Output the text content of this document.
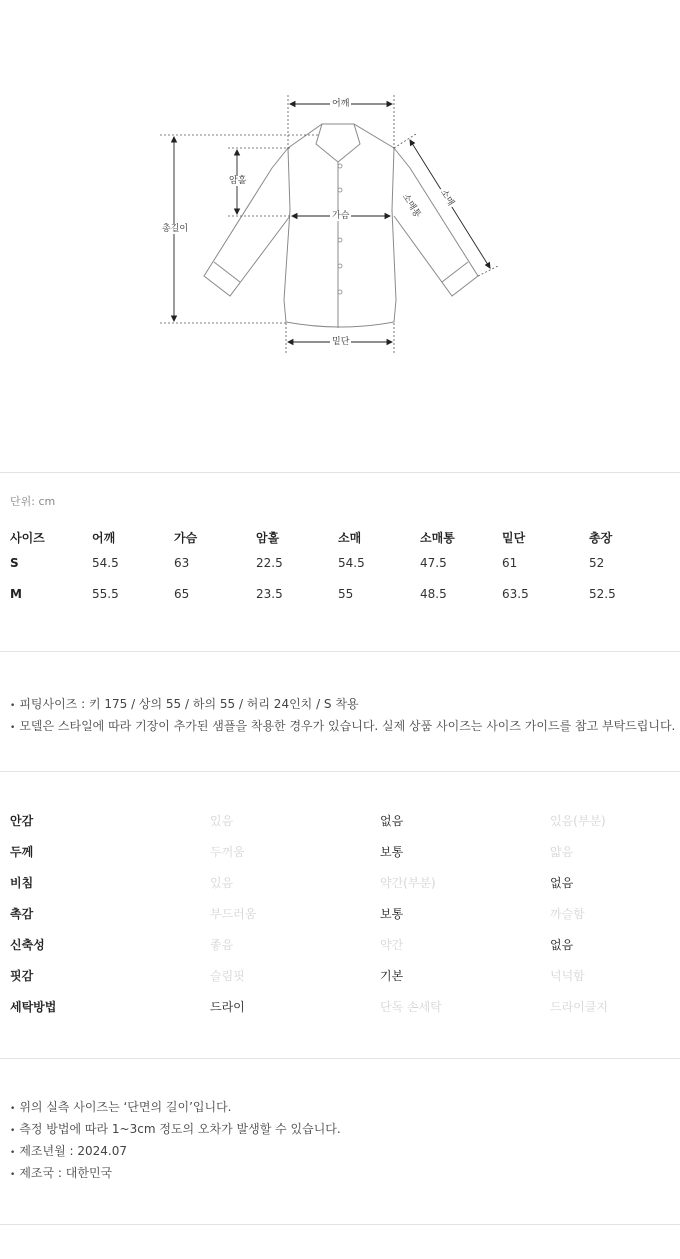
어깨
암홀
가슴
총길이
밑단
소매
소매통
단위: cm
사이즈	어깨	가슴	암홀	소매	소매통	밑단	총장
S	54.5	63	22.5	54.5	47.5	61	52
M	55.5	65	23.5	55	48.5	63.5	52.5
• 피팅사이즈 : 키 175 / 상의 55 / 하의 55 / 허리 24인치 / S 착용
• 모델은 스타일에 따라 기장이 추가된 샘플을 착용한 경우가 있습니다. 실제 상품 사이즈는 사이즈 가이드를 참고 부탁드립니다.
안감	있음	없음	있음(부분)
두께	두꺼움	보통	얇음
비침	있음	약간(부분)	없음
촉감	부드러움	보통	까슬함
신축성	좋음	약간	없음
핏감	슬림핏	기본	넉넉함
세탁방법	드라이	단독 손세탁	드라이클지
• 위의 실측 사이즈는 ‘단면의 길이’입니다.
• 측정 방법에 따라 1~3cm 정도의 오차가 발생할 수 있습니다.
• 제조년월 : 2024.07
• 제조국 : 대한민국
